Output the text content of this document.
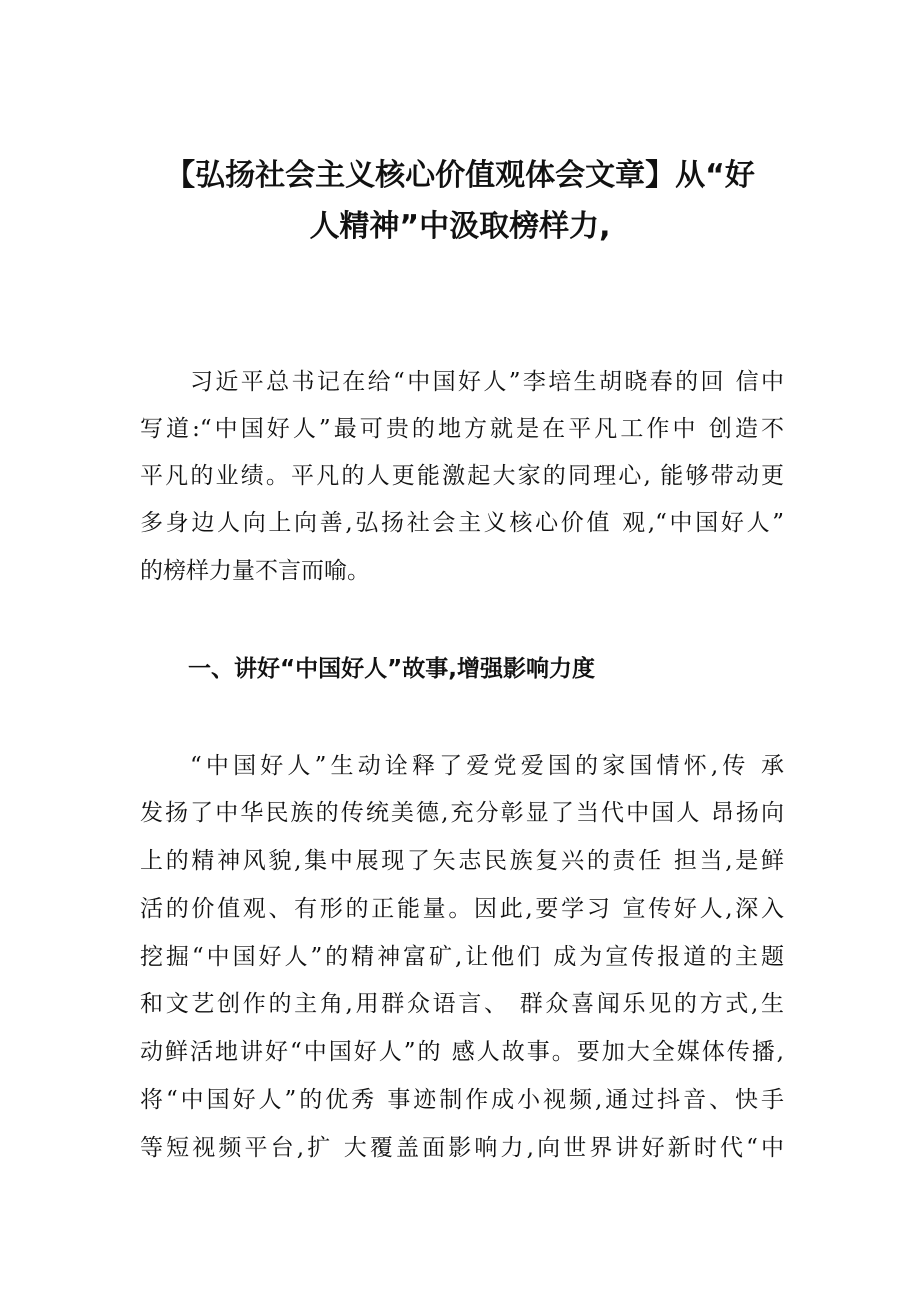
【弘扬社会主义核心价值观体会文章】从“好
人精神”中汲取榜样力,
习近平总书记在给“中国好人”李培生胡晓春的回 信中
写道:“中国好人”最可贵的地方就是在平凡工作中 创造不
平凡的业绩。平凡的人更能激起大家的同理心, 能够带动更
多身边人向上向善,弘扬社会主义核心价值 观,“中国好人”
的榜样力量不言而喻。
一、讲好“中国好人”故事,增强影响力度
“中国好人”生动诠释了爱党爱国的家国情怀,传 承
发扬了中华民族的传统美德,充分彰显了当代中国人 昂扬向
上的精神风貌,集中展现了矢志民族复兴的责任 担当,是鲜
活的价值观、有形的正能量。因此,要学习 宣传好人,深入
挖掘“中国好人”的精神富矿,让他们 成为宣传报道的主题
和文艺创作的主角,用群众语言、 群众喜闻乐见的方式,生
动鲜活地讲好“中国好人”的 感人故事。要加大全媒体传播,
将“中国好人”的优秀 事迹制作成小视频,通过抖音、快手
等短视频平台,扩 大覆盖面影响力,向世界讲好新时代“中
